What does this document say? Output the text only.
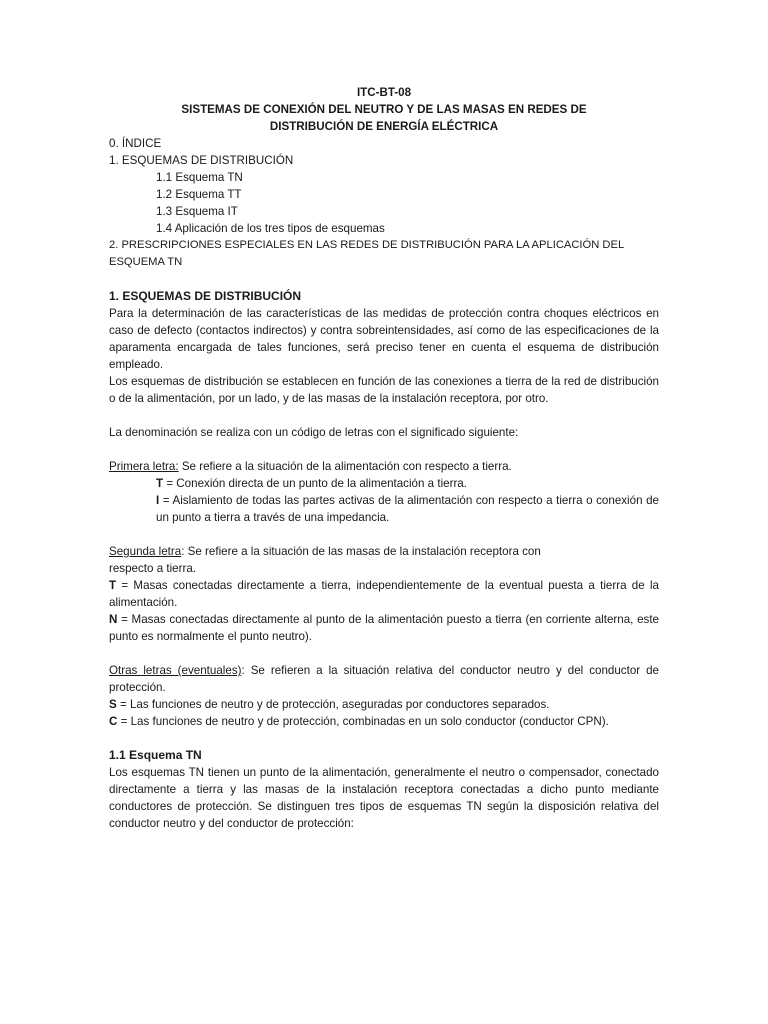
ITC-BT-08

SISTEMAS DE CONEXIÓN DEL NEUTRO Y DE LAS MASAS EN REDES DE

DISTRIBUCIÓN DE ENERGÍA ELÉCTRICA

0. ÍNDICE

1. ESQUEMAS DE DISTRIBUCIÓN

1.1 Esquema TN

1.2 Esquema TT

1.3 Esquema IT

1.4 Aplicación de los tres tipos de esquemas

2. PRESCRIPCIONES ESPECIALES EN LAS REDES DE DISTRIBUCIÓN PARA LA APLICACIÓN DEL ESQUEMA TN

1. ESQUEMAS DE DISTRIBUCIÓN

Para la determinación de las características de las medidas de protección contra choques eléctricos en caso de defecto (contactos indirectos) y contra sobreintensidades, así como de las especificaciones de la aparamenta encargada de tales funciones, será preciso tener en cuenta el esquema de distribución empleado.

Los esquemas de distribución se establecen en función de las conexiones a tierra de la red de distribución o de la alimentación, por un lado, y de las masas de la instalación receptora, por otro.

La denominación se realiza con un código de letras con el significado siguiente:

Primera letra: Se refiere a la situación de la alimentación con respecto a tierra.

T = Conexión directa de un punto de la alimentación a tierra.

I = Aislamiento de todas las partes activas de la alimentación con respecto a tierra o conexión de un punto a tierra a través de una impedancia.

Segunda letra: Se refiere a la situación de las masas de la instalación receptora con

respecto a tierra.

T = Masas conectadas directamente a tierra, independientemente de la eventual puesta a tierra de la alimentación.

N = Masas conectadas directamente al punto de la alimentación puesto a tierra (en corriente alterna, este punto es normalmente el punto neutro).

Otras letras (eventuales): Se refieren a la situación relativa del conductor neutro y del conductor de protección.

S = Las funciones de neutro y de protección, aseguradas por conductores separados.

C = Las funciones de neutro y de protección, combinadas en un solo conductor (conductor CPN).

1.1 Esquema TN

Los esquemas TN tienen un punto de la alimentación, generalmente el neutro o compensador, conectado directamente a tierra y las masas de la instalación receptora conectadas a dicho punto mediante conductores de protección. Se distinguen tres tipos de esquemas TN según la disposición relativa del conductor neutro y del conductor de protección:
